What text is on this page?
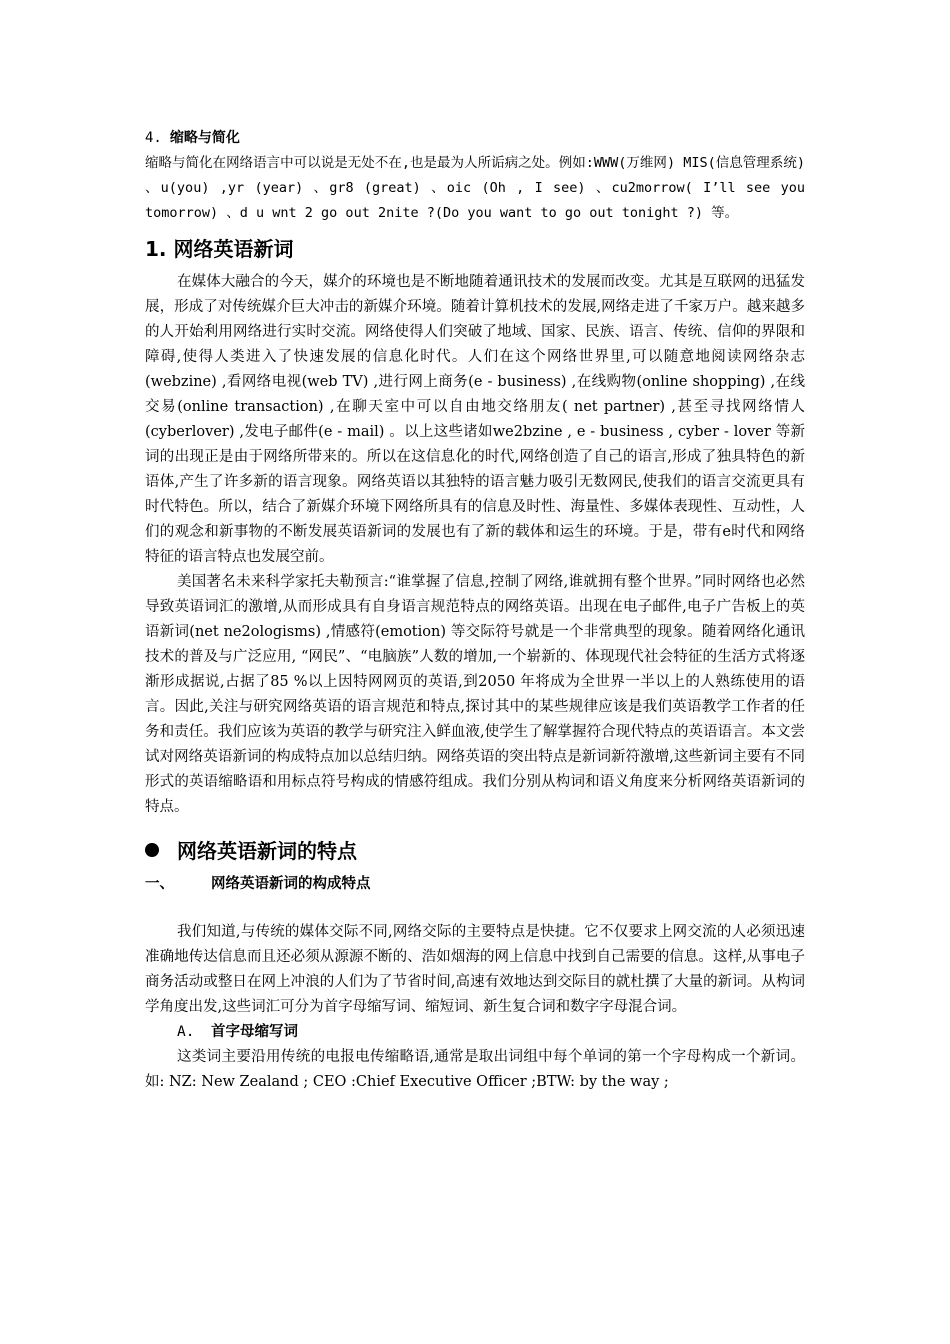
4. 缩略与简化

缩略与简化在网络语言中可以说是无处不在,也是最为人所诟病之处。例如:WWW(万维网) MIS(信息管理系统) 、u(you) ,yr (year) 、gr8 (great) 、oic (Oh , I see) 、cu2morrow( I’ll see you tomorrow) 、d u wnt 2 go out 2nite ?(Do you want to go out tonight ?) 等。

1. 网络英语新词

在媒体大融合的今天，媒介的环境也是不断地随着通讯技术的发展而改变。尤其是互联网的迅猛发展，形成了对传统媒介巨大冲击的新媒介环境。随着计算机技术的发展,网络走进了千家万户。越来越多的人开始利用网络进行实时交流。网络使得人们突破了地域、国家、民族、语言、传统、信仰的界限和障碍,使得人类进入了快速发展的信息化时代。人们在这个网络世界里,可以随意地阅读网络杂志(webzine) ,看网络电视(web TV) ,进行网上商务(e - business) ,在线购物(online shopping) ,在线交易(online transaction) ,在聊天室中可以自由地交络朋友( net partner) ,甚至寻找网络情人(cyberlover) ,发电子邮件(e - mail) 。以上这些诸如we2bzine , e - business , cyber - lover 等新词的出现正是由于网络所带来的。所以在这信息化的时代,网络创造了自己的语言,形成了独具特色的新语体,产生了许多新的语言现象。网络英语以其独特的语言魅力吸引无数网民,使我们的语言交流更具有时代特色。所以，结合了新媒介环境下网络所具有的信息及时性、海量性、多媒体表现性、互动性，人们的观念和新事物的不断发展英语新词的发展也有了新的载体和运生的环境。于是，带有e时代和网络特征的语言特点也发展空前。

美国著名未来科学家托夫勒预言:“谁掌握了信息,控制了网络,谁就拥有整个世界。”同时网络也必然导致英语词汇的激增,从而形成具有自身语言规范特点的网络英语。出现在电子邮件,电子广告板上的英语新词(net ne2ologisms) ,情感符(emotion) 等交际符号就是一个非常典型的现象。随着网络化通讯技术的普及与广泛应用, “网民”、“电脑族”人数的增加,一个崭新的、体现现代社会特征的生活方式将逐渐形成据说,占据了85 %以上因特网网页的英语,到2050 年将成为全世界一半以上的人熟练使用的语言。因此,关注与研究网络英语的语言规范和特点,探讨其中的某些规律应该是我们英语教学工作者的任务和责任。我们应该为英语的教学与研究注入鲜血液,使学生了解掌握符合现代特点的英语语言。本文尝试对网络英语新词的构成特点加以总结归纳。网络英语的突出特点是新词新符激增,这些新词主要有不同形式的英语缩略语和用标点符号构成的情感符组成。我们分别从构词和语义角度来分析网络英语新词的特点。

网络英语新词的特点
一、	网络英语新词的构成特点

我们知道,与传统的媒体交际不同,网络交际的主要特点是快捷。它不仅要求上网交流的人必须迅速准确地传达信息而且还必须从源源不断的、浩如烟海的网上信息中找到自己需要的信息。这样,从事电子商务活动或整日在网上冲浪的人们为了节省时间,高速有效地达到交际目的就杜撰了大量的新词。从构词学角度出发,这些词汇可分为首字母缩写词、缩短词、新生复合词和数字字母混合词。

A. 首字母缩写词

这类词主要沿用传统的电报电传缩略语,通常是取出词组中每个单词的第一个字母构成一个新词。如: NZ: New Zealand ; CEO :Chief Executive Officer ;BTW: by the way ;
